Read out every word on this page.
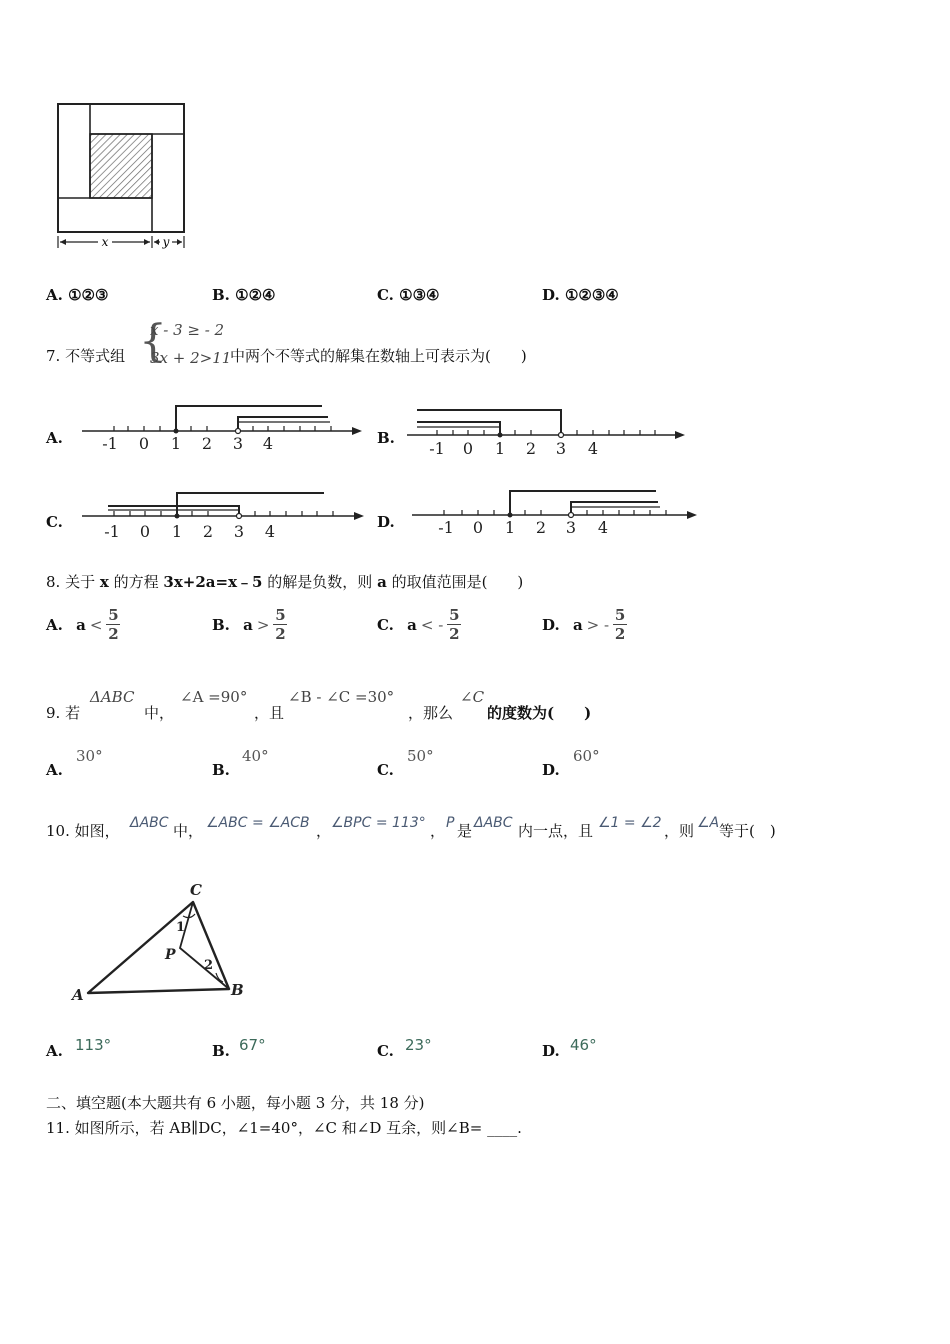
x	y
A. ①②③	B. ①②④	C. ①③④	D. ①②③④
7. 不等式组 {
x - 3 ≥ - 2
3x + 2>11
中两个不等式的解集在数轴上可表示为(　　)
A. -1 0 1 2 3 4	B.
-1 0 1 2 3 4
C.	-1 0 1 2 3 4	D.	-1 0 1 2 3 4
8. 关于 x 的方程 3x+2a=x﹣5 的解是负数，则 a 的取值范围是(　　)
A.
$a < \frac{5}{2}$	B.
$a > \frac{5}{2}$	C.
a < - $\frac{5}{2}$	D.
a > - $\frac{5}{2}$
9. 若
ΔABC
中，
∠A =90°
，且
∠B - ∠C =30°
，那么
∠C
的度数为(　　)
A.
30°
B.
40°
C.
50°
D.
60°
10. 如图， ΔABC 中， ∠ABC = ∠ACB ， ∠BPC = 113° ， P 是 ΔABC 内一点，且 ∠1 = ∠2 ，则 ∠A 等于(　)
C
P
A	B
1
2
A. 113°	B. 67°	C. 23°	D. 46°
二、填空题(本大题共有 6 小题，每小题 3 分，共 18 分)
11. 如图所示，若 AB∥DC，∠1=40°，∠C 和∠D 互余，则∠B= ____.
